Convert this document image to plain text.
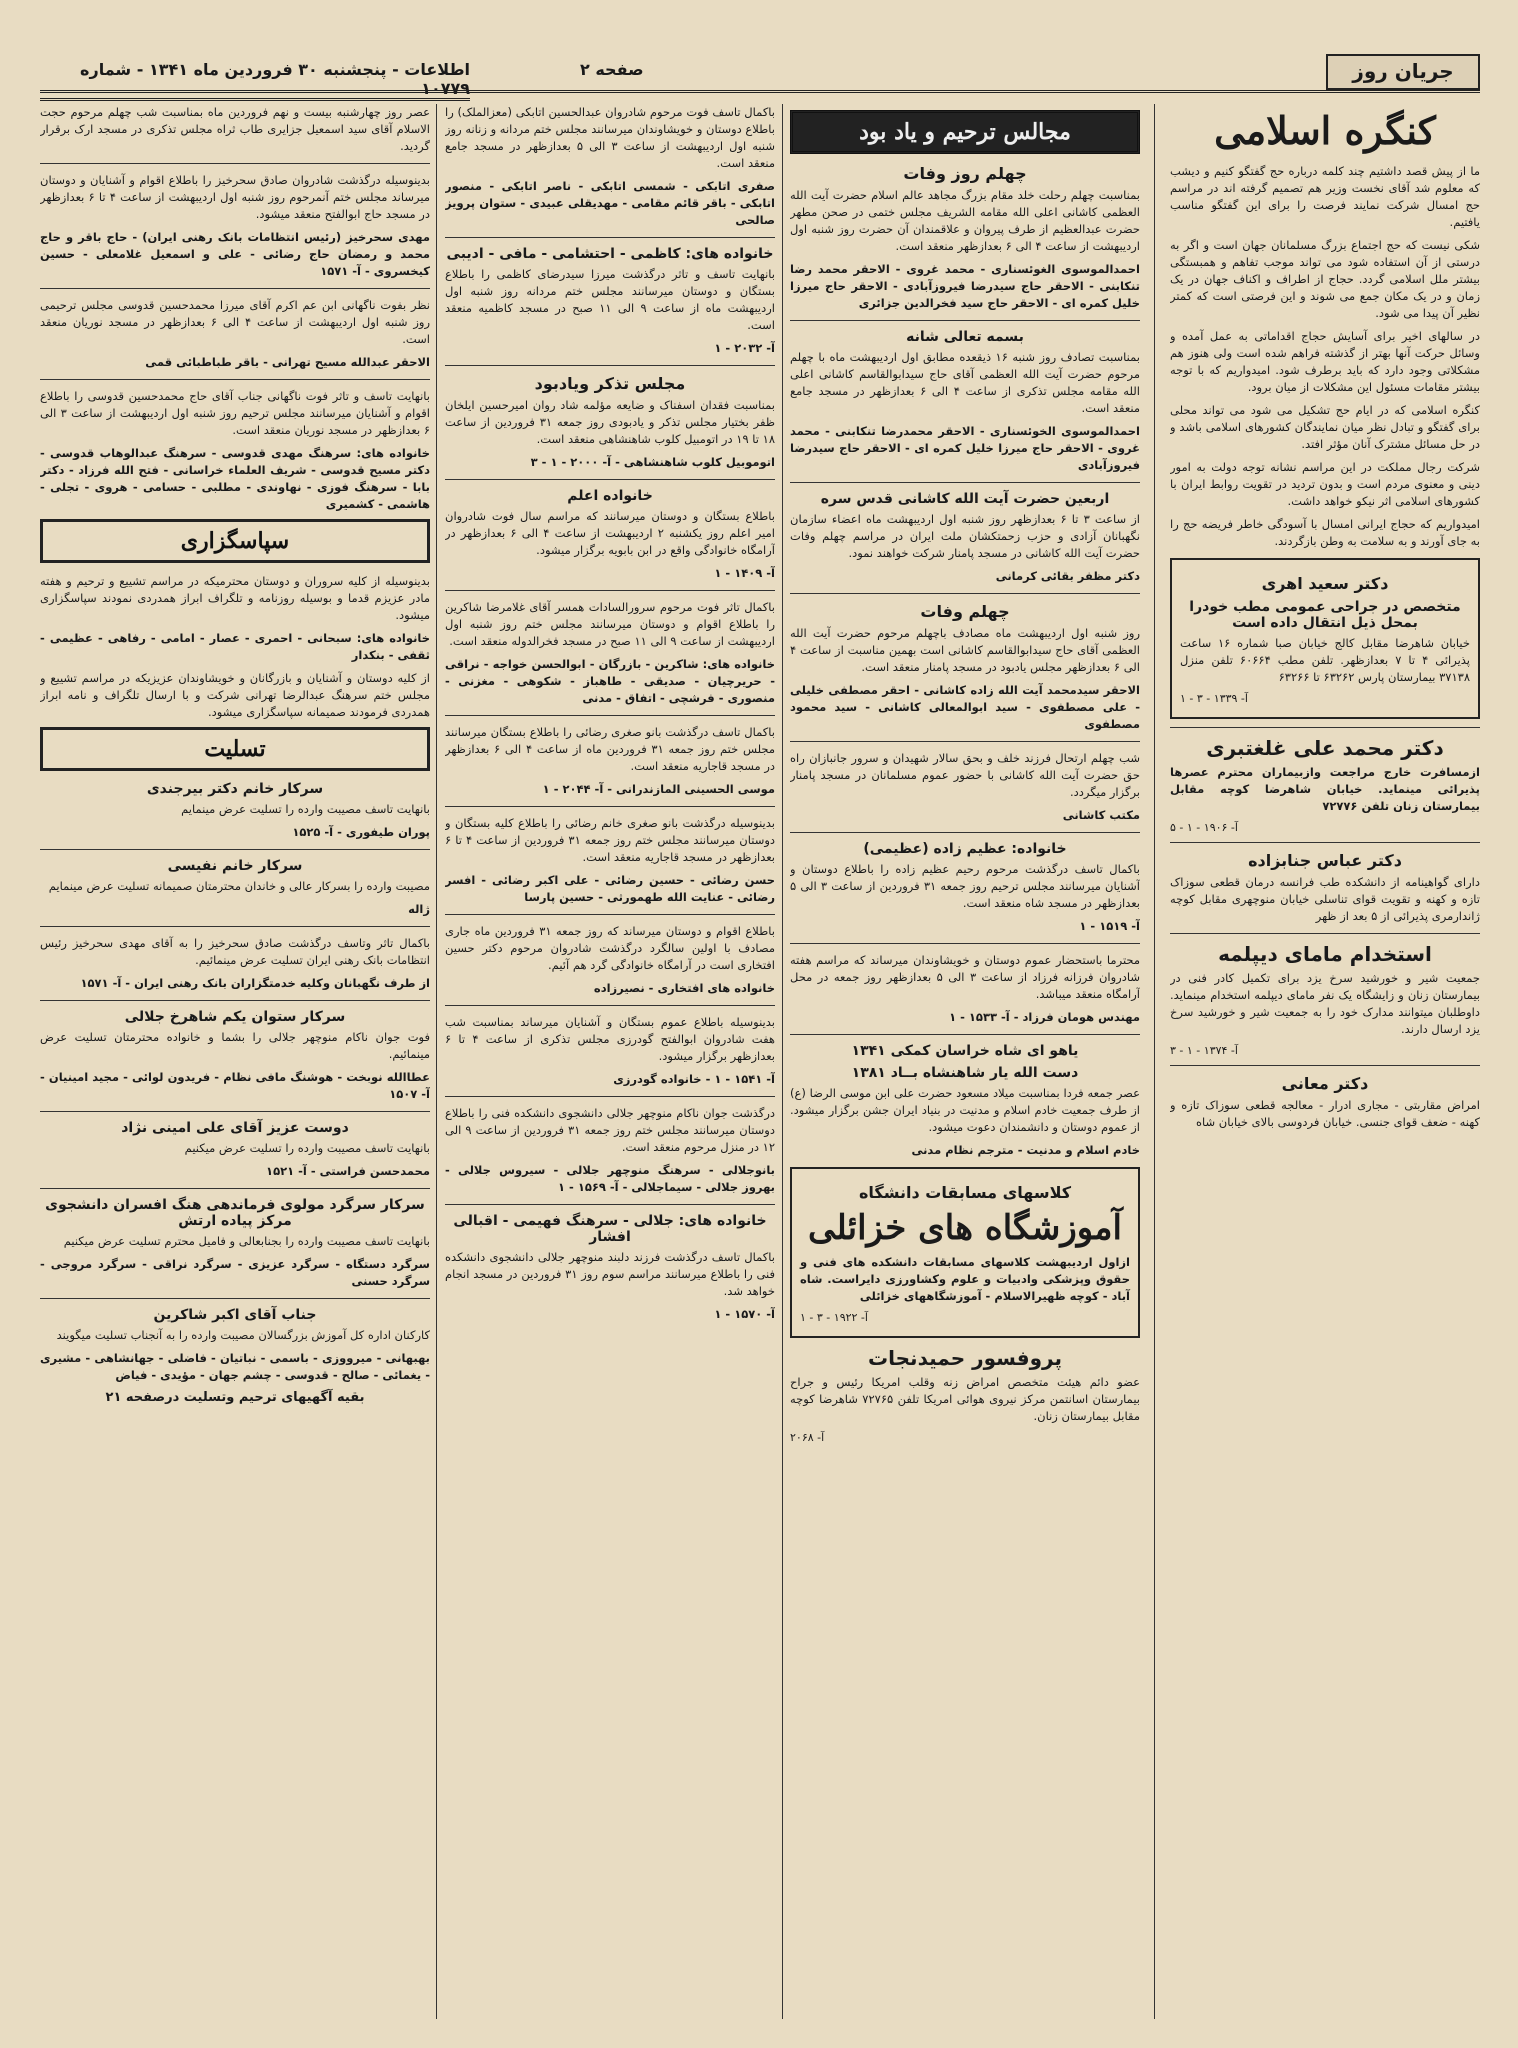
جریان روز
صفحه ۲
اطلاعات - پنجشنبه ۳۰ فروردین ماه ۱۳۴۱ - شماره ۱۰۷۷۹
کنگره اسلامی

ما از پیش قصد داشتیم چند کلمه درباره حج گفتگو کنیم و دیشب که معلوم شد آقای نخست وزیر هم تصمیم گرفته اند در مراسم حج امسال شرکت نمایند فرصت را برای این گفتگو مناسب یافتیم.

شکی نیست که حج اجتماع بزرگ مسلمانان جهان است و اگر به درستی از آن استفاده شود می تواند موجب تفاهم و همبستگی بیشتر ملل اسلامی گردد. حجاج از اطراف و اکناف جهان در یک زمان و در یک مکان جمع می شوند و این فرصتی است که کمتر نظیر آن پیدا می شود.

در سالهای اخیر برای آسایش حجاج اقداماتی به عمل آمده و وسائل حرکت آنها بهتر از گذشته فراهم شده است ولی هنوز هم مشکلاتی وجود دارد که باید برطرف شود. امیدواریم که با توجه بیشتر مقامات مسئول این مشکلات از میان برود.

کنگره اسلامی که در ایام حج تشکیل می شود می تواند محلی برای گفتگو و تبادل نظر میان نمایندگان کشورهای اسلامی باشد و در حل مسائل مشترک آنان مؤثر افتد.

شرکت رجال مملکت در این مراسم نشانه توجه دولت به امور دینی و معنوی مردم است و بدون تردید در تقویت روابط ایران با کشورهای اسلامی اثر نیکو خواهد داشت.

امیدواریم که حجاج ایرانی امسال با آسودگی خاطر فریضه حج را به جای آورند و به سلامت به وطن بازگردند.

دکتر سعید اهری
متخصص در جراحی عمومی مطب خودرا بمحل ذیل انتقال داده است

خیابان شاهرضا مقابل کالج خیابان صبا شماره ۱۶ ساعت پذیرائی ۴ تا ۷ بعدازظهر. تلفن مطب ۶۰۶۶۴ تلفن منزل ۳۷۱۳۸ بیمارستان پارس ۶۳۲۶۲ تا ۶۳۲۶۶

آ- ۱۳۳۹ - ۳ - ۱
دکتر محمد علی غلغتبری

ازمسافرت خارج مراجعت وازبیماران محترم عصرها پذیرائی مینماید. خیابان شاهرضا کوچه مقابل بیمارستان زنان تلفن ۷۲۷۷۶

آ- ۱۹۰۶ - ۱ - ۵
دکتر عباس جنابزاده

دارای گواهینامه از دانشکده طب فرانسه درمان قطعی سوزاک تازه و کهنه و تقویت قوای تناسلی خیابان منوچهری مقابل کوچه ژاندارمری پذیرائی از ۵ بعد از ظهر

استخدام مامای دیپلمه

جمعیت شیر و خورشید سرخ یزد برای تکمیل کادر فنی در بیمارستان زنان و زایشگاه یک نفر مامای دیپلمه استخدام مینماید. داوطلبان میتوانند مدارک خود را به جمعیت شیر و خورشید سرخ یزد ارسال دارند.

آ- ۱۳۷۴ - ۱ - ۳
دکتر معانی

امراض مقاربتی - مجاری ادرار - معالجه قطعی سوزاک تازه و کهنه - ضعف قوای جنسی. خیابان فردوسی بالای خیابان شاه

مجالس ترحیم و یاد بود
چهلم روز وفات

بمناسبت چهلم رحلت خلد مقام بزرگ مجاهد عالم اسلام حضرت آیت الله العظمی کاشانی اعلی الله مقامه الشریف مجلس ختمی در صحن مطهر حضرت عبدالعظیم از طرف پیروان و علاقمندان آن حضرت روز شنبه اول اردیبهشت از ساعت ۴ الی ۶ بعدازظهر منعقد است.

احمدالموسوی الغوئسناری - محمد غروی - الاحقر محمد رضا تنکابنی - الاحقر حاج سیدرضا فیروزآبادی - الاحقر حاج میرزا خلیل کمره ای - الاحقر حاج سید فخرالدین جزائری

بسمه تعالی شانه

بمناسبت تصادف روز شنبه ۱۶ ذیقعده مطابق اول اردیبهشت ماه با چهلم مرحوم حضرت آیت الله العظمی آقای حاج سیدابوالقاسم کاشانی اعلی الله مقامه مجلس تذکری از ساعت ۴ الی ۶ بعدازظهر در مسجد جامع منعقد است.

احمدالموسوی الخوئسناری - الاحقر محمدرضا تنکابنی - محمد غروی - الاحقر حاج میرزا خلیل کمره ای - الاحقر حاج سیدرضا فیروزآبادی

اربعین حضرت آیت الله کاشانی قدس سره

از ساعت ۳ تا ۶ بعدازظهر روز شنبه اول اردیبهشت ماه اعضاء سازمان نگهبانان آزادی و حزب زحمتکشان ملت ایران در مراسم چهلم وفات حضرت آیت الله کاشانی در مسجد پامنار شرکت خواهند نمود.

دکتر مظفر بقائی کرمانی

چهلم وفات

روز شنبه اول اردیبهشت ماه مصادف باچهلم مرحوم حضرت آیت الله العظمی آقای حاج سیدابوالقاسم کاشانی است بهمین مناسبت از ساعت ۴ الی ۶ بعدازظهر مجلس یادبود در مسجد پامنار منعقد است.

الاحقر سیدمحمد آیت الله زاده کاشانی - احقر مصطفی خلیلی - علی مصطفوی - سید ابوالمعالی کاشانی - سید محمود مصطفوی

شب چهلم ارتحال فرزند خلف و بحق سالار شهیدان و سرور جانبازان راه حق حضرت آیت الله کاشانی با حضور عموم مسلمانان در مسجد پامنار برگزار میگردد.

مکتب کاشانی

خانواده: عظیم زاده (عظیمی)

باکمال تاسف درگذشت مرحوم رحیم عظیم زاده را باطلاع دوستان و آشنایان میرسانند مجلس ترحیم روز جمعه ۳۱ فروردین از ساعت ۳ الی ۵ بعدازظهر در مسجد شاه منعقد است.

آ- ۱۵۱۹ - ۱

محترما باستحضار عموم دوستان و خویشاوندان میرساند که مراسم هفته شادروان فرزانه فرزاد از ساعت ۳ الی ۵ بعدازظهر روز جمعه در محل آرامگاه منعقد میباشد.

مهندس هومان فرزاد - آ- ۱۵۳۳ - ۱

یاهو ای شاه خراسان کمکی ۱۳۴۱
دست الله یار شاهنشاه بــاد ۱۳۸۱

عصر جمعه فردا بمناسبت میلاد مسعود حضرت علی ابن موسی الرضا (ع) از طرف جمعیت خادم اسلام و مدنیت در بنیاد ایران جشن برگزار میشود. از عموم دوستان و دانشمندان دعوت میشود.

خادم اسلام و مدنیت - مترجم نظام مدنی

کلاسهای مسابقات دانشگاه
آموزشگاه های خزائلی

ازاول اردیبهشت کلاسهای مسابقات دانشکده های فنی و حقوق وپزشکی وادبیات و علوم وکشاورزی دایراست. شاه آباد - کوچه ظهیرالاسلام - آموزشگاههای خزائلی

آ- ۱۹۲۲ - ۳ - ۱
پروفسور حمیدنجات

عضو دائم هیئت متخصص امراض زنه وقلب امریکا رئیس و جراح بیمارستان اسانتمن مرکز نیروی هوائی امریکا تلفن ۷۲۷۶۵ شاهرضا کوچه مقابل بیمارستان زنان.

آ- ۲۰۶۸

باکمال تاسف فوت مرحوم شادروان عبدالحسین اتابکی (معزالملک) را باطلاع دوستان و خویشاوندان میرسانند مجلس ختم مردانه و زنانه روز شنبه اول اردیبهشت از ساعت ۳ الی ۵ بعدازظهر در مسجد جامع منعقد است.

صفری اتابکی - شمسی اتابکی - ناصر اتابکی - منصور اتابکی - باقر قائم مقامی - مهدیقلی عبیدی - ستوان پرویز صالحی

خانواده های: کاظمی - احتشامی - مافی - ادیبی

بانهایت تاسف و تاثر درگذشت میرزا سیدرضای کاظمی را باطلاع بستگان و دوستان میرسانند مجلس ختم مردانه روز شنبه اول اردیبهشت ماه از ساعت ۹ الی ۱۱ صبح در مسجد کاظمیه منعقد است.

آ- ۲۰۳۲ - ۱

مجلس تذکر ویادبود

بمناسبت فقدان اسفناک و ضایعه مؤلمه شاد روان امیرحسین ایلخان ظفر بختیار مجلس تذکر و یادبودی روز جمعه ۳۱ فروردین از ساعت ۱۸ تا ۱۹ در اتومبیل کلوب شاهنشاهی منعقد است.

اتوموبیل کلوب شاهنشاهی - آ- ۲۰۰۰ - ۱ - ۳

خانواده اعلم

باطلاع بستگان و دوستان میرسانند که مراسم سال فوت شادروان امیر اعلم روز یکشنبه ۲ اردیبهشت از ساعت ۴ الی ۶ بعدازظهر در آرامگاه خانوادگی واقع در ابن بابویه برگزار میشود.

آ- ۱۴۰۹ - ۱

باکمال تاثر فوت مرحوم سرورالسادات همسر آقای غلامرضا شاکرین را باطلاع اقوام و دوستان میرسانند مجلس ختم روز شنبه اول اردیبهشت از ساعت ۹ الی ۱۱ صبح در مسجد فخرالدوله منعقد است.

خانواده های: شاکرین - بازرگان - ابوالحسن خواجه - نراقی - حریرچیان - صدیقی - طاهباز - شکوهی - مغزنی - منصوری - فرشچی - اتفاق - مدنی

باکمال تاسف درگذشت بانو صغری رضائی را باطلاع بستگان میرسانند مجلس ختم روز جمعه ۳۱ فروردین ماه از ساعت ۴ الی ۶ بعدازظهر در مسجد قاجاریه منعقد است.

موسی الحسینی المازندرانی - آ- ۲۰۴۴ - ۱

بدینوسیله درگذشت بانو صغری خانم رضائی را باطلاع کلیه بستگان و دوستان میرسانند مجلس ختم روز جمعه ۳۱ فروردین از ساعت ۴ تا ۶ بعدازظهر در مسجد قاجاریه منعقد است.

حسن رضائی - حسین رضائی - علی اکبر رضائی - افسر رضائی - عنایت الله طهمورثی - حسین پارسا

باطلاع اقوام و دوستان میرساند که روز جمعه ۳۱ فروردین ماه جاری مصادف با اولین سالگرد درگذشت شادروان مرحوم دکتر حسین افتخاری است در آرامگاه خانوادگی گرد هم آئیم.

خانواده های افتخاری - نصیرزاده

بدینوسیله باطلاع عموم بستگان و آشنایان میرساند بمناسبت شب هفت شادروان ابوالفتح گودرزی مجلس تذکری از ساعت ۴ تا ۶ بعدازظهر برگزار میشود.

آ- ۱۵۴۱ - ۱ - خانواده گودرزی

درگذشت جوان ناکام منوچهر جلالی دانشجوی دانشکده فنی را باطلاع دوستان میرسانند مجلس ختم روز جمعه ۳۱ فروردین از ساعت ۹ الی ۱۲ در منزل مرحوم منعقد است.

بانوجلالی - سرهنگ منوچهر جلالی - سیروس جلالی - بهروز جلالی - سیماجلالی - آ- ۱۵۶۹ - ۱

خانواده های: جلالی - سرهنگ فهیمی - اقبالی افشار

باکمال تاسف درگذشت فرزند دلبند منوچهر جلالی دانشجوی دانشکده فنی را باطلاع میرسانند مراسم سوم روز ۳۱ فروردین در مسجد انجام خواهد شد.

آ- ۱۵۷۰ - ۱

عصر روز چهارشنبه بیست و نهم فروردین ماه بمناسبت شب چهلم مرحوم حجت الاسلام آقای سید اسمعیل جزایری طاب ثراه مجلس تذکری در مسجد ارک برقرار گردید.

بدینوسیله درگذشت شادروان صادق سحرخیز را باطلاع اقوام و آشنایان و دوستان میرساند مجلس ختم آنمرحوم روز شنبه اول اردیبهشت از ساعت ۴ تا ۶ بعدازظهر در مسجد حاج ابوالفتح منعقد میشود.

مهدی سحرخیز (رئیس انتظامات بانک رهنی ایران) - حاج باقر و حاج محمد و رمضان حاج رضائی - علی و اسمعیل غلامعلی - حسین کیخسروی - آ- ۱۵۷۱

نظر بفوت ناگهانی ابن عم اکرم آقای میرزا محمدحسین قدوسی مجلس ترحیمی روز شنبه اول اردیبهشت از ساعت ۴ الی ۶ بعدازظهر در مسجد نوریان منعقد است.

الاحقر عبدالله مسیح تهرانی - باقر طباطبائی قمی

بانهایت تاسف و تاثر فوت ناگهانی جناب آقای حاج محمدحسین قدوسی را باطلاع اقوام و آشنایان میرسانند مجلس ترحیم روز شنبه اول اردیبهشت از ساعت ۳ الی ۶ بعدازظهر در مسجد نوریان منعقد است.

خانواده های: سرهنگ مهدی قدوسی - سرهنگ عبدالوهاب قدوسی - دکتر مسیح قدوسی - شریف العلماء خراسانی - فتح الله فرزاد - دکتر بابا - سرهنگ فوزی - نهاوندی - مطلبی - حسامی - هروی - تجلی - هاشمی - کشمیری

سپاسگزاری

بدینوسیله از کلیه سروران و دوستان محترمیکه در مراسم تشییع و ترحیم و هفته مادر عزیزم قدما و بوسیله روزنامه و تلگراف ابراز همدردی نمودند سپاسگزاری میشود.

خانواده های: سبحانی - احمری - عصار - امامی - رفاهی - عظیمی - ثقفی - بنکدار

از کلیه دوستان و آشنایان و بازرگانان و خویشاوندان عزیزیکه در مراسم تشییع و مجلس ختم سرهنگ عبدالرضا تهرانی شرکت و با ارسال تلگراف و نامه ابراز همدردی فرمودند صمیمانه سپاسگزاری میشود.

تسلیت
سرکار خانم دکتر بیرجندی

بانهایت تاسف مصیبت وارده را تسلیت عرض مینمایم

پوران طیفوری - آ- ۱۵۲۵

سرکار خانم نفیسی

مصیبت وارده را بسرکار عالی و خاندان محترمتان صمیمانه تسلیت عرض مینمایم

ژاله

باکمال تاثر وتاسف درگذشت صادق سحرخیز را به آقای مهدی سحرخیز رئیس انتظامات بانک رهنی ایران تسلیت عرض مینمائیم.

از طرف نگهبانان وکلیه خدمتگزاران بانک رهنی ایران - آ- ۱۵۷۱

سرکار ستوان یکم شاهرخ جلالی

فوت جوان ناکام منوچهر جلالی را بشما و خانواده محترمتان تسلیت عرض مینمائیم.

عطاالله نوبخت - هوشنگ مافی نظام - فریدون لوائی - مجید امینیان - آ- ۱۵۰۷

دوست عزیز آقای علی امینی نژاد

بانهایت تاسف مصیبت وارده را تسلیت عرض میکنیم

محمدحسن فراستی - آ- ۱۵۲۱

سرکار سرگرد مولوی فرماندهی هنگ افسران دانشجوی مرکز پیاده ارتش

بانهایت تاسف مصیبت وارده را بجنابعالی و فامیل محترم تسلیت عرض میکنیم

سرگرد دستگاه - سرگرد عزیزی - سرگرد نراقی - سرگرد مروجی - سرگرد حسنی

جناب آقای اکبر شاکرین

کارکنان اداره کل آموزش بزرگسالان مصیبت وارده را به آنجناب تسلیت میگویند

بهبهانی - میرووزی - باسمی - نباتیان - فاضلی - جهانشاهی - مشیری - یغمائی - صالح - قدوسی - چشم جهان - مؤیدی - فیاض

بقیه آگهیهای ترحیم وتسلیت درصفحه ۲۱
